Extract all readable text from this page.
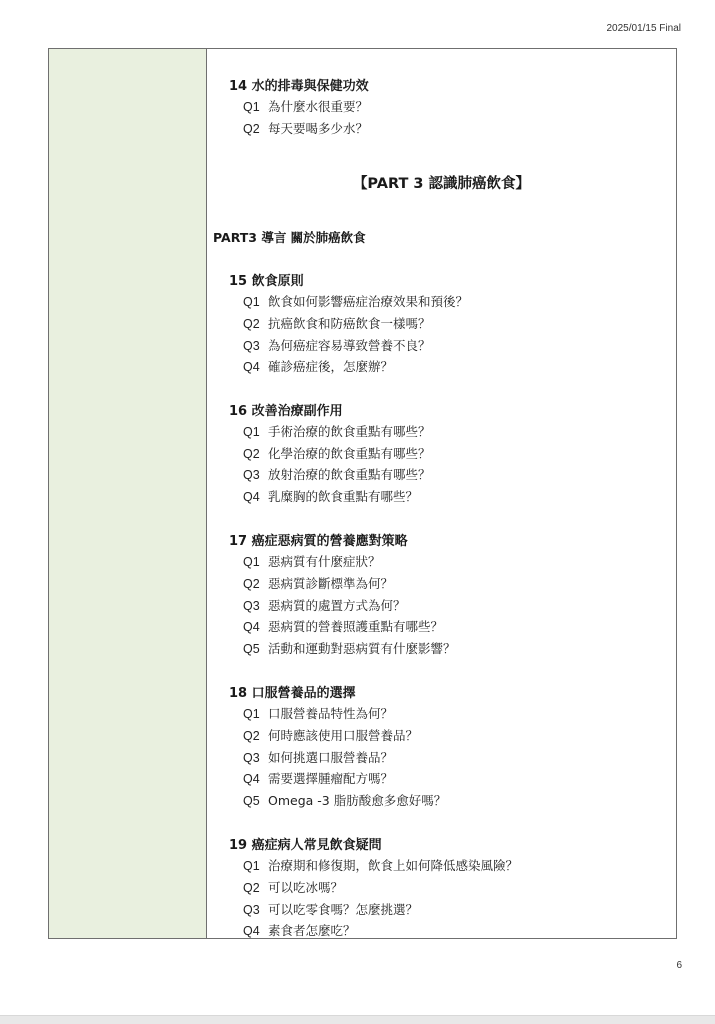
2025/01/15 Final
14 水的排毒與保健功效
Q1 為什麼水很重要？
Q2 每天要喝多少水？
【PART 3 認識肺癌飲食】
PART3 導言 關於肺癌飲食
15 飲食原則
Q1 飲食如何影響癌症治療效果和預後？
Q2 抗癌飲食和防癌飲食一樣嗎？
Q3 為何癌症容易導致營養不良？
Q4 確診癌症後，怎麼辦？
16 改善治療副作用
Q1 手術治療的飲食重點有哪些？
Q2 化學治療的飲食重點有哪些？
Q3 放射治療的飲食重點有哪些？
Q4 乳糜胸的飲食重點有哪些？
17 癌症惡病質的營養應對策略
Q1 惡病質有什麼症狀？
Q2 惡病質診斷標準為何？
Q3 惡病質的處置方式為何？
Q4 惡病質的營養照護重點有哪些？
Q5 活動和運動對惡病質有什麼影響？
18 口服營養品的選擇
Q1 口服營養品特性為何？
Q2 何時應該使用口服營養品？
Q3 如何挑選口服營養品？
Q4 需要選擇腫瘤配方嗎？
Q5 Omega -3 脂肪酸愈多愈好嗎？
19 癌症病人常見飲食疑問
Q1 治療期和修復期，飲食上如何降低感染風險？
Q2 可以吃冰嗎？
Q3 可以吃零食嗎？怎麼挑選？
Q4 素食者怎麼吃？
6
